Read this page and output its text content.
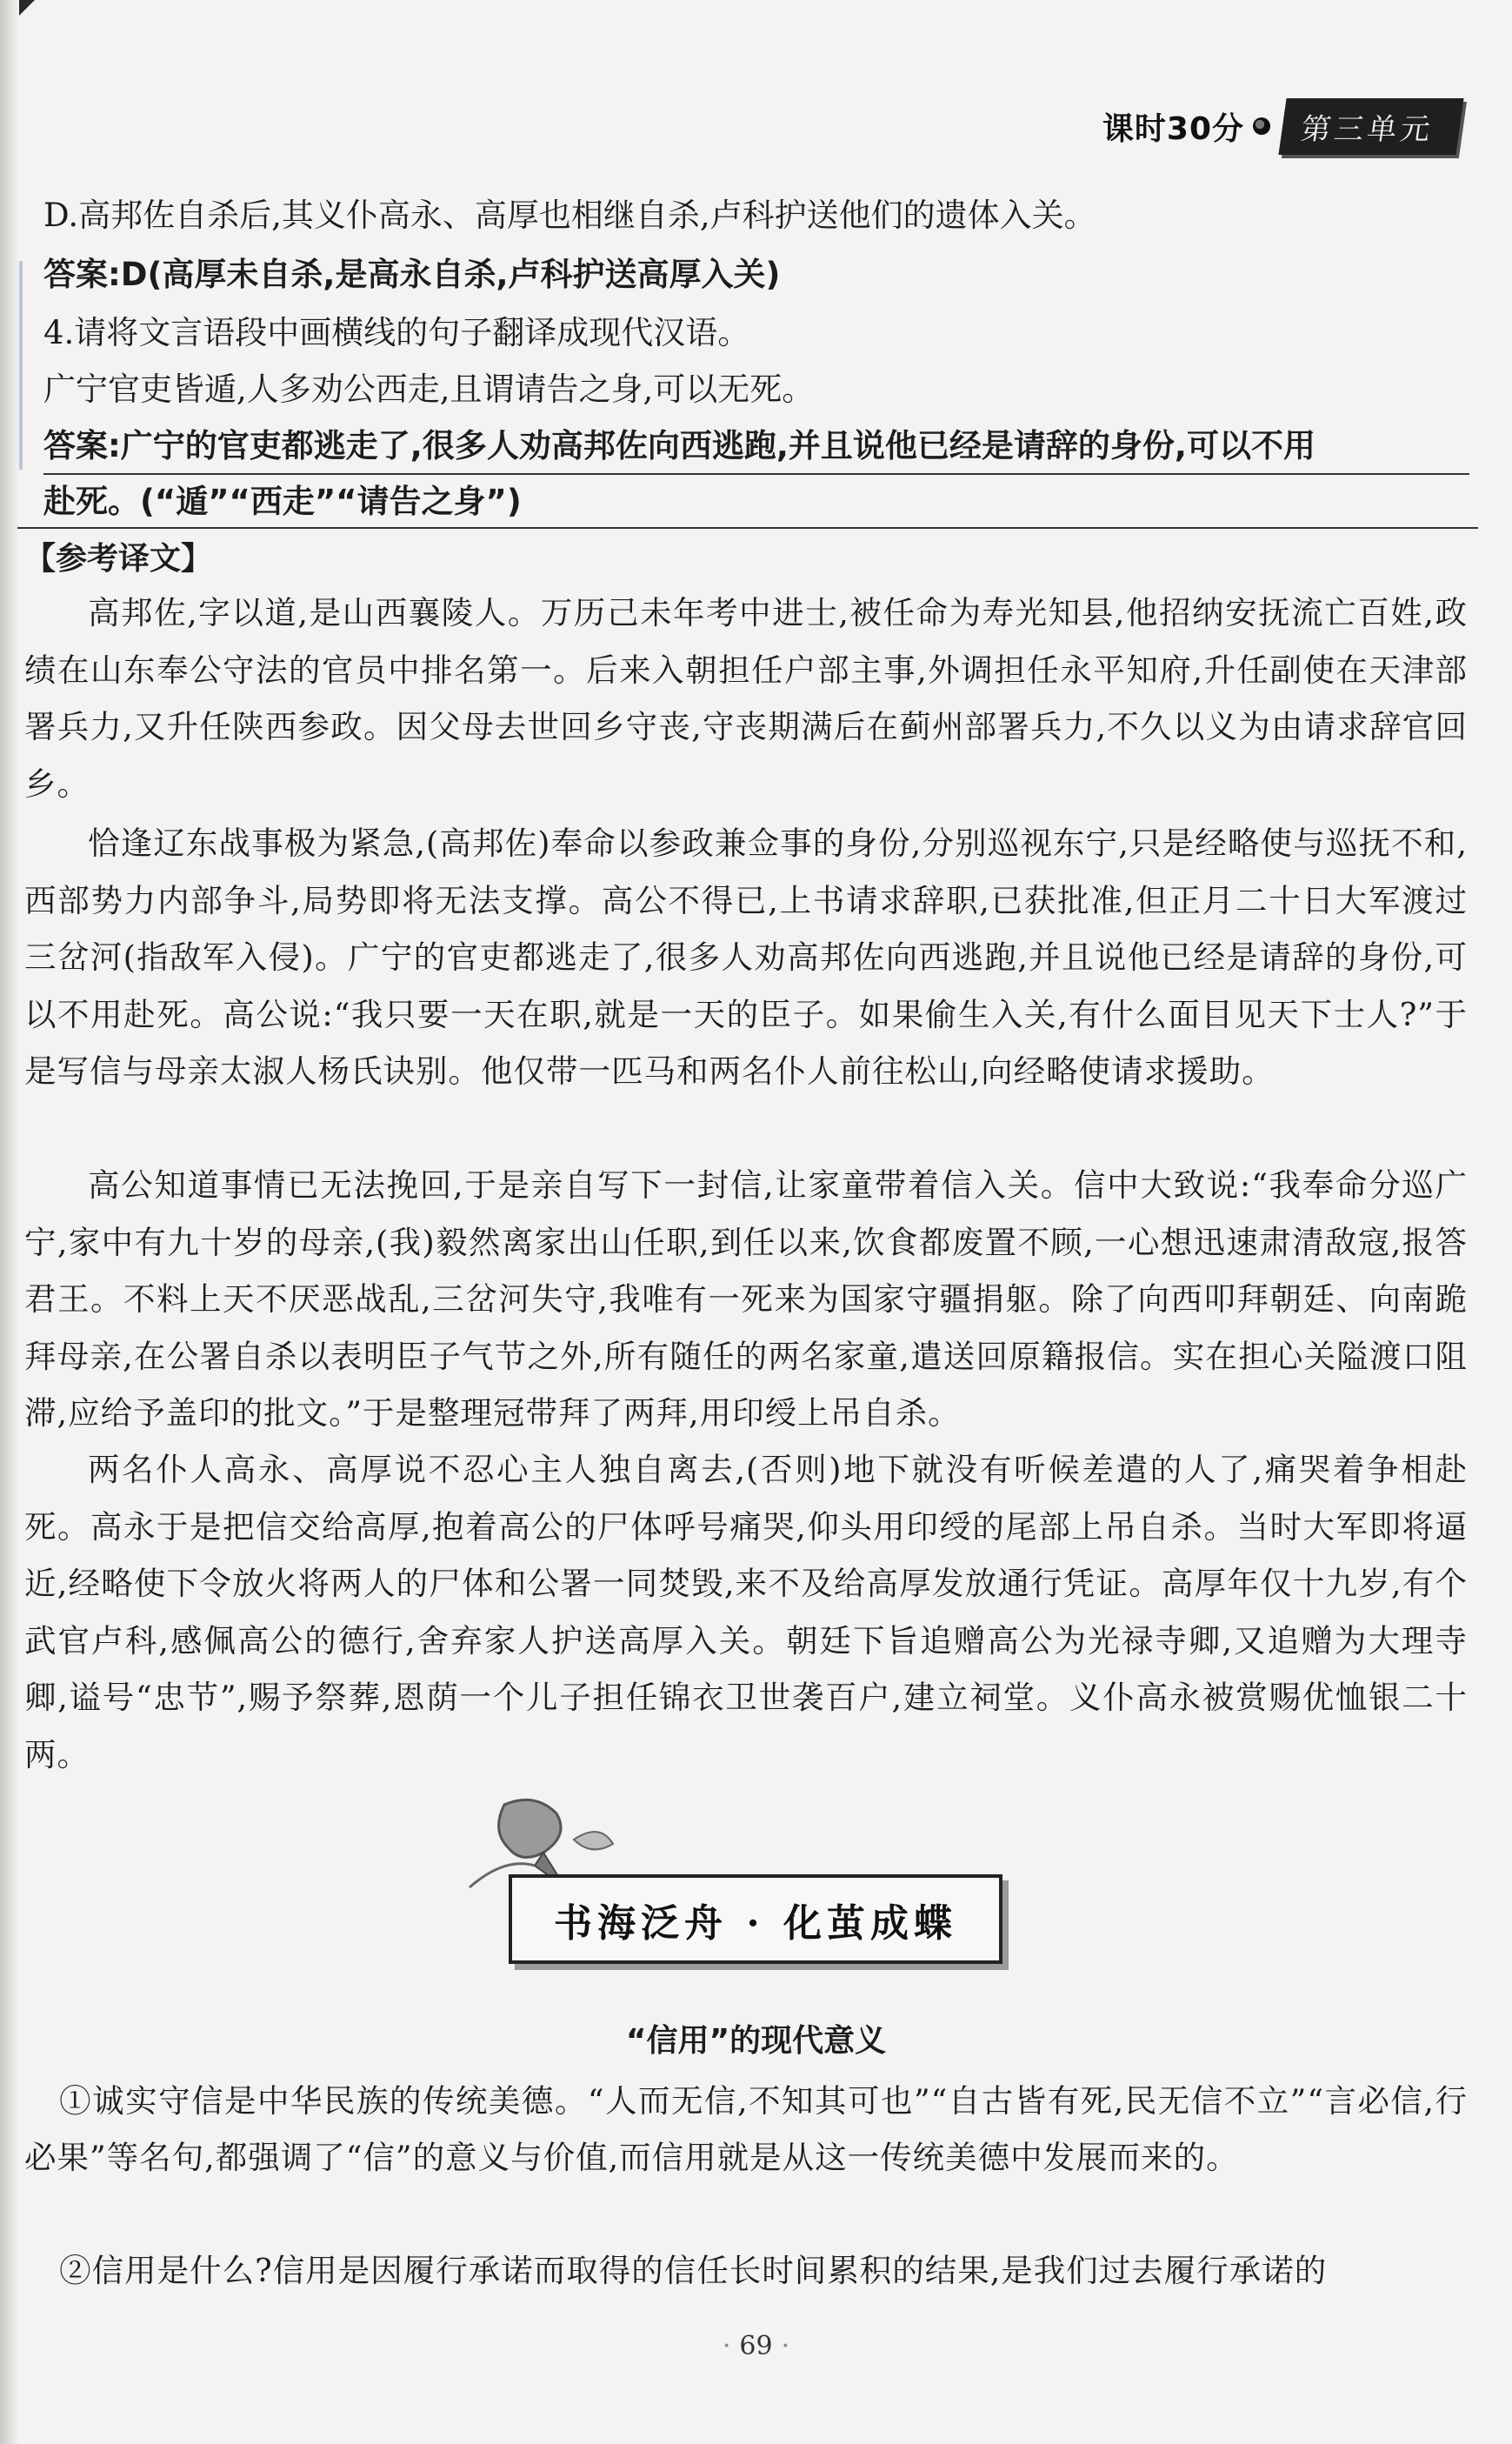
课时30分	第三单元
D.高邦佐自杀后,其义仆高永、高厚也相继自杀,卢科护送他们的遗体入关。
答案:D(高厚未自杀,是高永自杀,卢科护送高厚入关)
4.请将文言语段中画横线的句子翻译成现代汉语。
广宁官吏皆遁,人多劝公西走,且谓请告之身,可以无死。
答案:广宁的官吏都逃走了,很多人劝高邦佐向西逃跑,并且说他已经是请辞的身份,可以不用
赴死。(“遁”“西走”“请告之身”)
【参考译文】
高邦佐,字以道,是山西襄陵人。万历己未年考中进士,被任命为寿光知县,他招纳安抚流亡百姓,政绩在山东奉公守法的官员中排名第一。后来入朝担任户部主事,外调担任永平知府,升任副使在天津部署兵力,又升任陕西参政。因父母去世回乡守丧,守丧期满后在蓟州部署兵力,不久以义为由请求辞官回乡。
恰逢辽东战事极为紧急,(高邦佐)奉命以参政兼佥事的身份,分别巡视东宁,只是经略使与巡抚不和,西部势力内部争斗,局势即将无法支撑。高公不得已,上书请求辞职,已获批准,但正月二十日大军渡过三岔河(指敌军入侵)。广宁的官吏都逃走了,很多人劝高邦佐向西逃跑,并且说他已经是请辞的身份,可以不用赴死。高公说:“我只要一天在职,就是一天的臣子。如果偷生入关,有什么面目见天下士人?”于是写信与母亲太淑人杨氏诀别。他仅带一匹马和两名仆人前往松山,向经略使请求援助。
高公知道事情已无法挽回,于是亲自写下一封信,让家童带着信入关。信中大致说:“我奉命分巡广宁,家中有九十岁的母亲,(我)毅然离家出山任职,到任以来,饮食都废置不顾,一心想迅速肃清敌寇,报答君王。不料上天不厌恶战乱,三岔河失守,我唯有一死来为国家守疆捐躯。除了向西叩拜朝廷、向南跪拜母亲,在公署自杀以表明臣子气节之外,所有随任的两名家童,遣送回原籍报信。实在担心关隘渡口阻滞,应给予盖印的批文。”于是整理冠带拜了两拜,用印绶上吊自杀。
两名仆人高永、高厚说不忍心主人独自离去,(否则)地下就没有听候差遣的人了,痛哭着争相赴死。高永于是把信交给高厚,抱着高公的尸体呼号痛哭,仰头用印绶的尾部上吊自杀。当时大军即将逼近,经略使下令放火将两人的尸体和公署一同焚毁,来不及给高厚发放通行凭证。高厚年仅十九岁,有个武官卢科,感佩高公的德行,舍弃家人护送高厚入关。朝廷下旨追赠高公为光禄寺卿,又追赠为大理寺卿,谥号“忠节”,赐予祭葬,恩荫一个儿子担任锦衣卫世袭百户,建立祠堂。义仆高永被赏赐优恤银二十两。
书海泛舟 · 化茧成蝶
“信用”的现代意义
①诚实守信是中华民族的传统美德。“人而无信,不知其可也”“自古皆有死,民无信不立”“言必信,行必果”等名句,都强调了“信”的意义与价值,而信用就是从这一传统美德中发展而来的。
②信用是什么?信用是因履行承诺而取得的信任长时间累积的结果,是我们过去履行承诺的
· 69 ·
